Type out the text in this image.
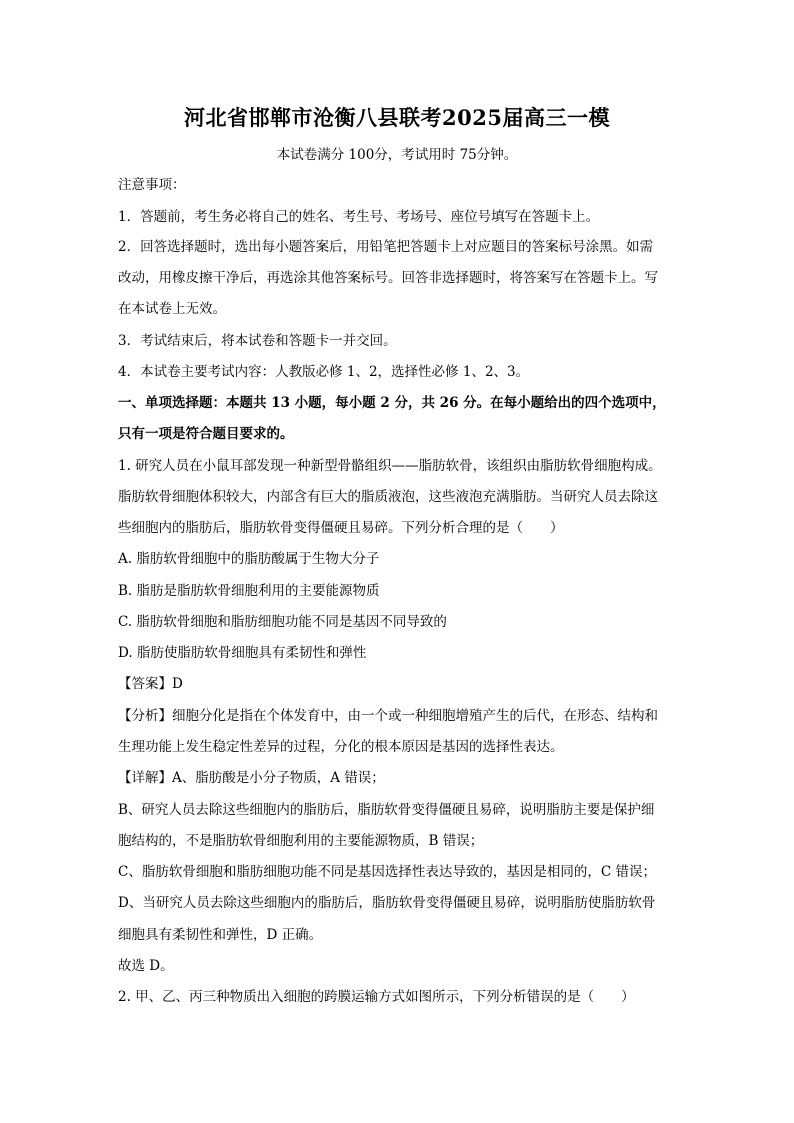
河北省邯郸市沧衡八县联考2025届高三一模
本试卷满分 100分，考试用时 75分钟。
注意事项：
1．答题前，考生务必将自己的姓名、考生号、考场号、座位号填写在答题卡上。
2．回答选择题时，选出每小题答案后，用铅笔把答题卡上对应题目的答案标号涂黑。如需
改动，用橡皮擦干净后，再选涂其他答案标号。回答非选择题时，将答案写在答题卡上。写
在本试卷上无效。
3．考试结束后，将本试卷和答题卡一并交回。
4．本试卷主要考试内容：人教版必修 1、2，选择性必修 1、2、3。
一、单项选择题：本题共 13 小题，每小题 2 分，共 26 分。在每小题给出的四个选项中，
只有一项是符合题目要求的。
1. 研究人员在小鼠耳部发现一种新型骨骼组织——脂肪软骨，该组织由脂肪软骨细胞构成。
脂肪软骨细胞体积较大，内部含有巨大的脂质液泡，这些液泡充满脂肪。当研究人员去除这
些细胞内的脂肪后，脂肪软骨变得僵硬且易碎。下列分析合理的是（　　）
A. 脂肪软骨细胞中的脂肪酸属于生物大分子
B. 脂肪是脂肪软骨细胞利用的主要能源物质
C. 脂肪软骨细胞和脂肪细胞功能不同是基因不同导致的
D. 脂肪使脂肪软骨细胞具有柔韧性和弹性
【答案】D
【分析】细胞分化是指在个体发育中，由一个或一种细胞增殖产生的后代，在形态、结构和
生理功能上发生稳定性差异的过程，分化的根本原因是基因的选择性表达。
【详解】A、脂肪酸是小分子物质，A 错误；
B、研究人员去除这些细胞内的脂肪后，脂肪软骨变得僵硬且易碎，说明脂肪主要是保护细
胞结构的，不是脂肪软骨细胞利用的主要能源物质，B 错误；
C、脂肪软骨细胞和脂肪细胞功能不同是基因选择性表达导致的，基因是相同的，C 错误；
D、当研究人员去除这些细胞内的脂肪后，脂肪软骨变得僵硬且易碎，说明脂肪使脂肪软骨
细胞具有柔韧性和弹性，D 正确。
故选 D。
2. 甲、乙、丙三种物质出入细胞的跨膜运输方式如图所示，下列分析错误的是（　　）
